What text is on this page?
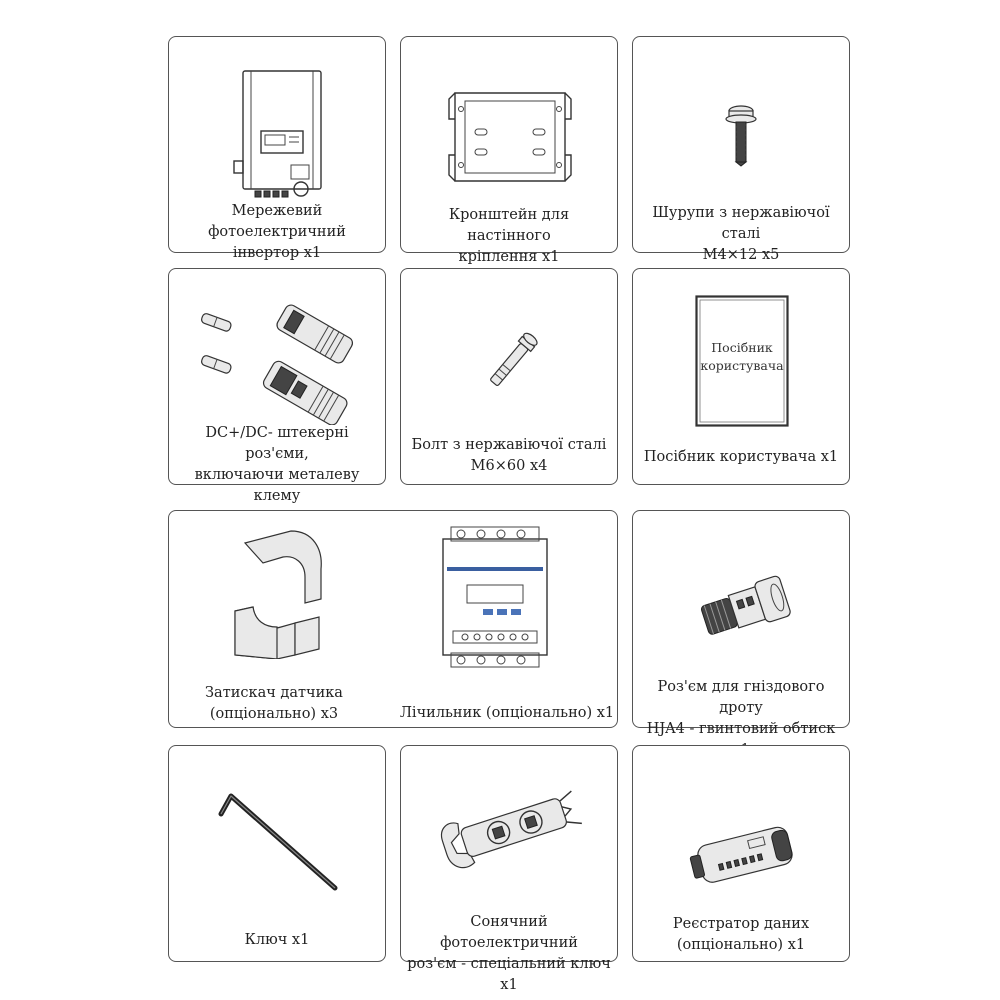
Мережевий
фотоелектричний інвертор x1
Кронштейн для настінного
кріплення x1
Шурупи з нержавіючої сталі
M4×12 x5
DC+/DC- штекерні роз'єми,
включаючи металеву клему
Болт з нержавіючої сталі
M6×60 x4
Посібник
користувача
Посібник користувача x1
Затискач датчика
(опціонально) x3	Лічильник (опціонально) x1
Роз'єм для гніздового дроту
HJA4 - гвинтовий обтиск
Ключ x1
Сонячний фотоелектричний
роз'єм - спеціальний ключ x1
Реєстратор даних
(опціонально) x1
